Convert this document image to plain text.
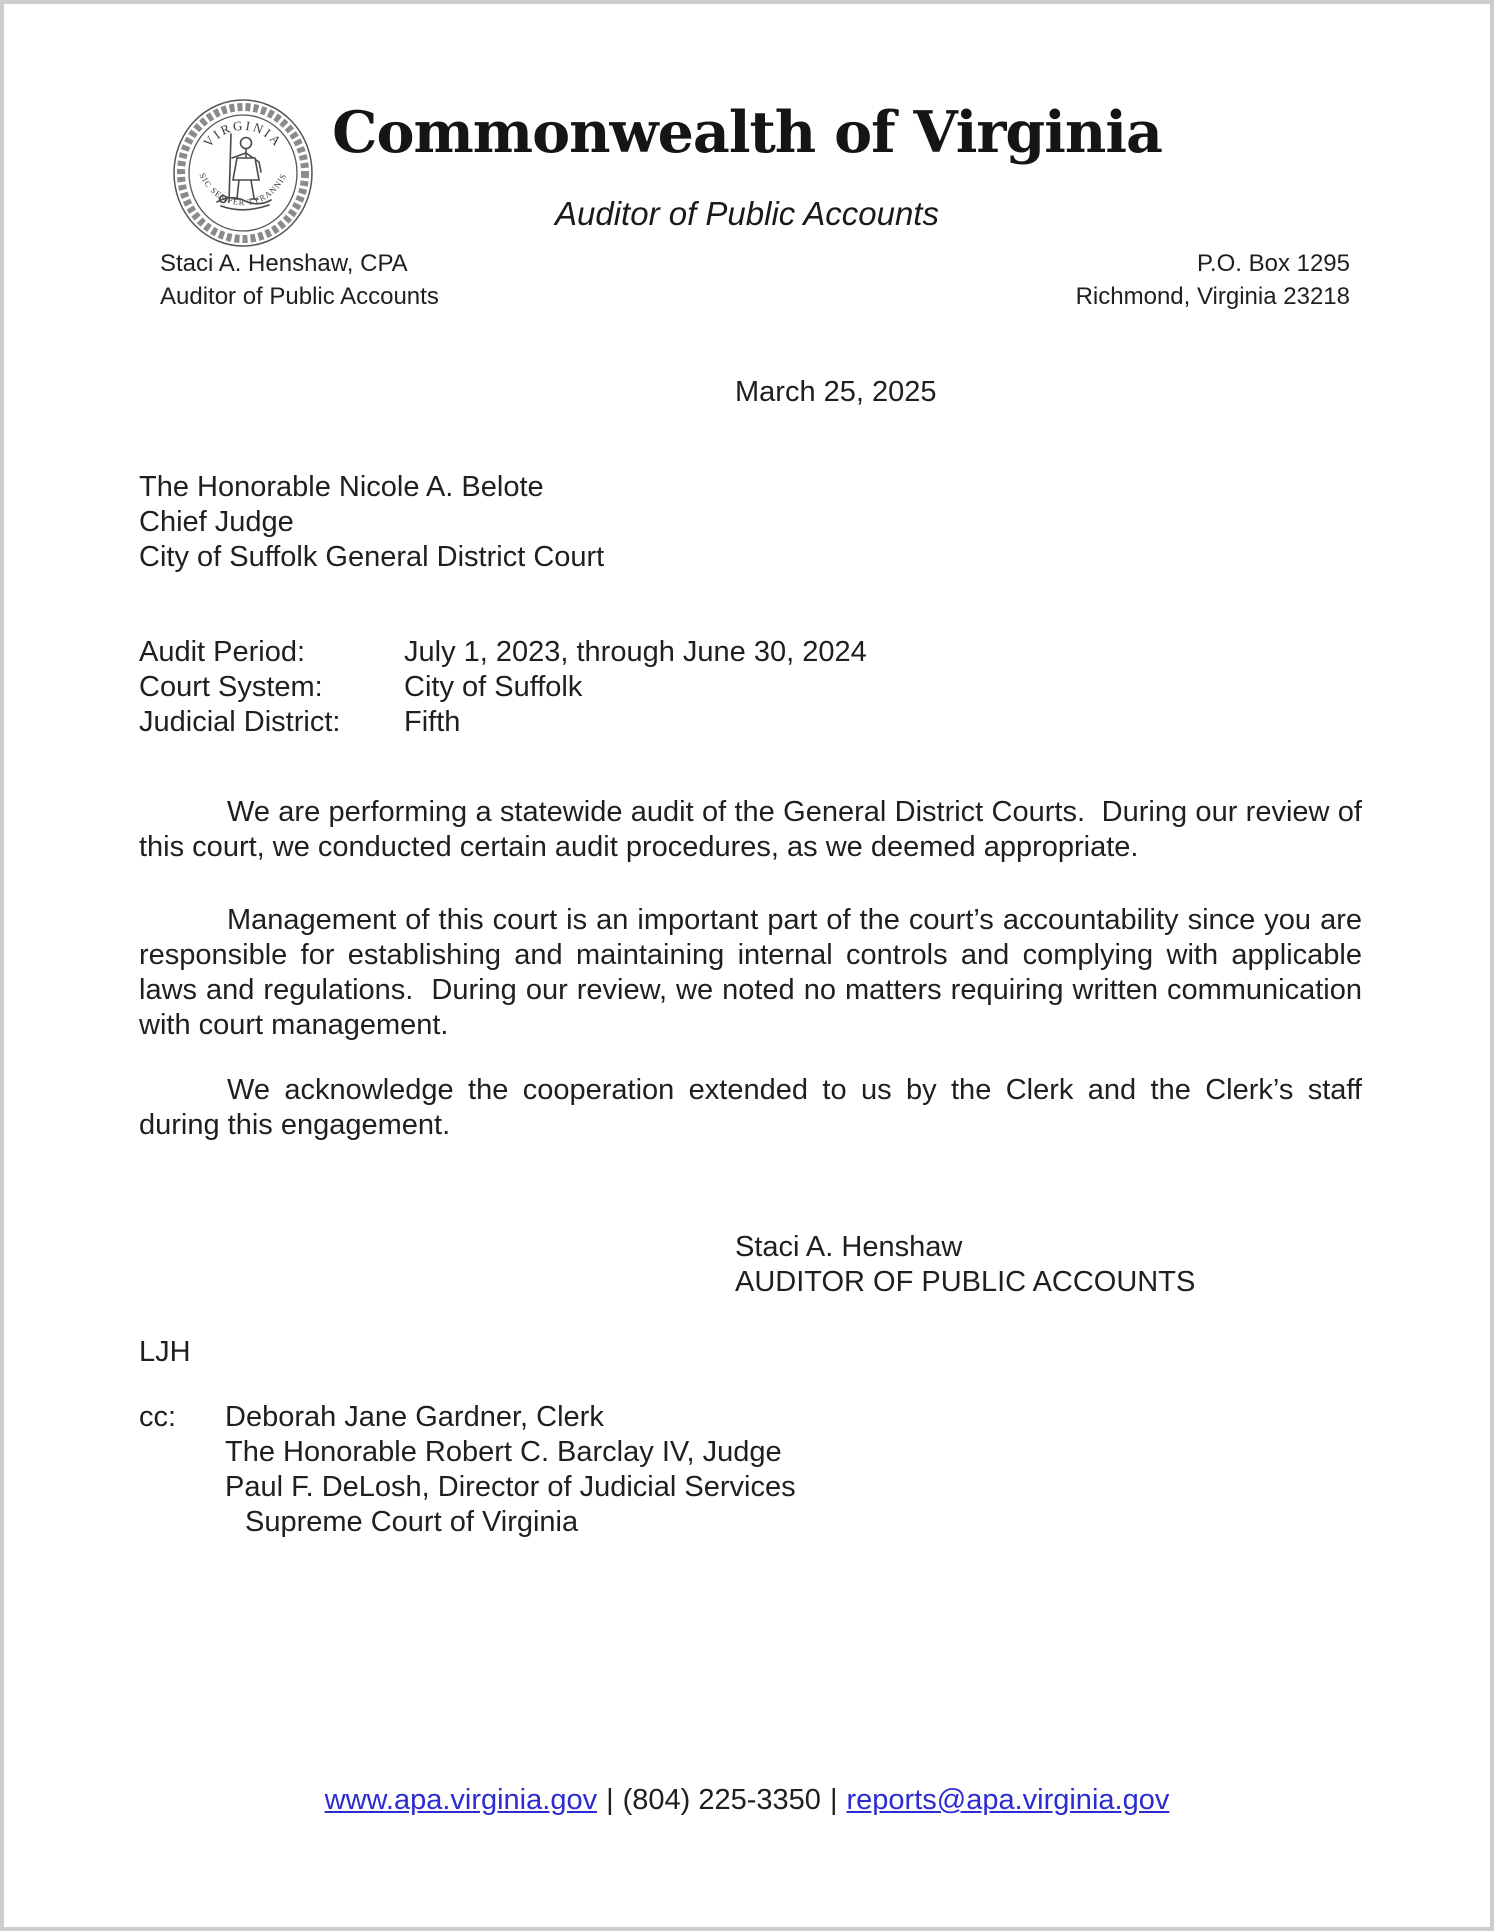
VIRGINIA
SIC SEMPER TYRANNIS
Commonwealth of Virginia
Auditor of Public Accounts
Staci A. Henshaw, CPA
Auditor of Public Accounts
P.O. Box 1295
Richmond, Virginia 23218
March 25, 2025
The Honorable Nicole A. Belote
Chief Judge
City of Suffolk General District Court
Audit Period:	July 1, 2023, through June 30, 2024
Court System:	City of Suffolk
Judicial District:	Fifth

We are performing a statewide audit of the General District Courts.  During our review of this court, we conducted certain audit procedures, as we deemed appropriate.

Management of this court is an important part of the court’s accountability since you are responsible for establishing and maintaining internal controls and complying with applicable laws and regulations.  During our review, we noted no matters requiring written communication with court management.

We acknowledge the cooperation extended to us by the Clerk and the Clerk’s staff during this engagement.

Staci A. Henshaw
AUDITOR OF PUBLIC ACCOUNTS
LJH
cc:	Deborah Jane Gardner, Clerk
The Honorable Robert C. Barclay IV, Judge
Paul F. DeLosh, Director of Judicial Services
Supreme Court of Virginia
www.apa.virginia.gov | (804) 225-3350 | reports@apa.virginia.gov
